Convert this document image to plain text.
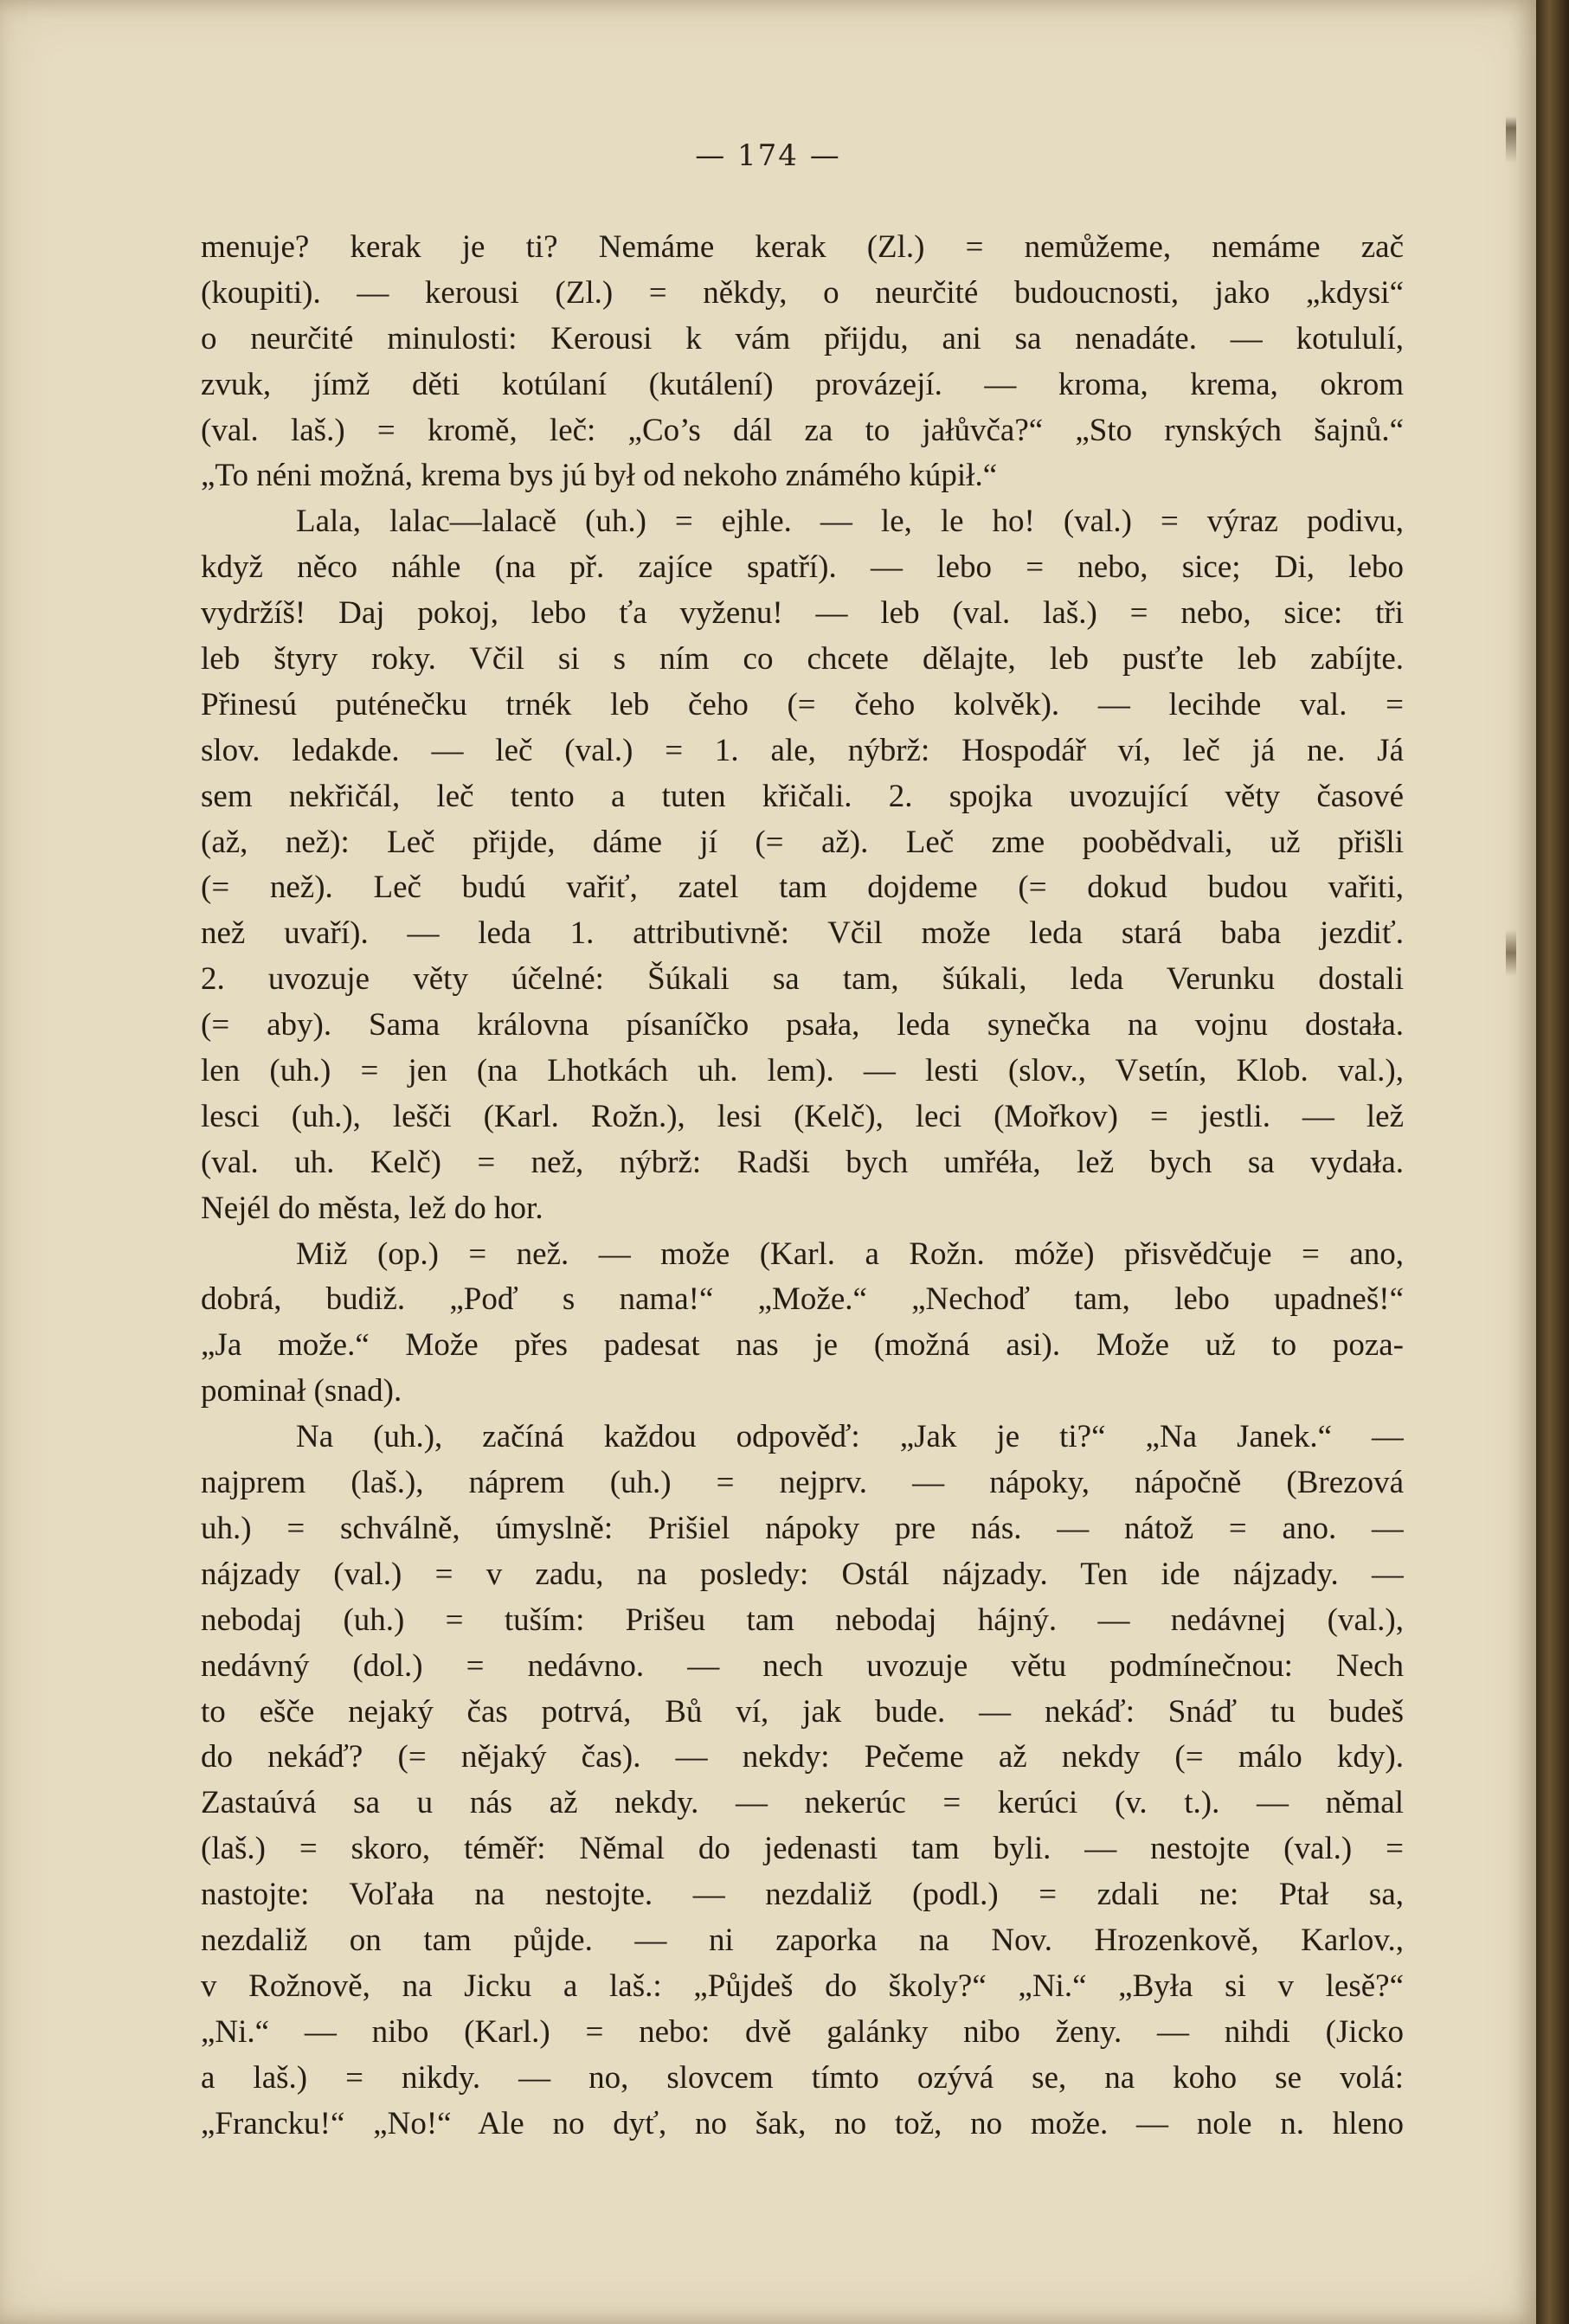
— 174 —
menuje? kerak je ti? Nemáme kerak (Zl.) = nemůžeme, nemáme zač
(koupiti). — kerousi (Zl.) = někdy, o neurčité budoucnosti, jako „kdysi“
o neurčité minulosti: Kerousi k vám přijdu, ani sa nenadáte. — kotululí,
zvuk, jímž děti kotúlaní (kutálení) provázejí. — kroma, krema, okrom
(val. laš.) = kromě, leč: „Co’s dál za to jałůvča?“ „Sto rynských šajnů.“
„To néni možná, krema bys jú był od nekoho známého kúpił.“
Lala, lalac—lalacě (uh.) = ejhle. — le, le ho! (val.) = výraz podivu,
když něco náhle (na př. zajíce spatří). — lebo = nebo, sice; Di, lebo
vydržíš! Daj pokoj, lebo ťa vyženu! — leb (val. laš.) = nebo, sice: tři
leb štyry roky. Včil si s ním co chcete dělajte, leb pusťte leb zabíjte.
Přinesú puténečku trnék leb čeho (= čeho kolvěk). — lecihde val. =
slov. ledakde. — leč (val.) = 1. ale, nýbrž: Hospodář ví, leč já ne. Já
sem nekřičál, leč tento a tuten křičali. 2. spojka uvozující věty časové
(až, než): Leč přijde, dáme jí (= až). Leč zme poobědvali, už přišli
(= než). Leč budú vařiť, zatel tam dojdeme (= dokud budou vařiti,
než uvaří). — leda 1. attributivně: Včil može leda stará baba jezdiť.
2. uvozuje věty účelné: Šúkali sa tam, šúkali, leda Verunku dostali
(= aby). Sama královna písaníčko psała, leda synečka na vojnu dostała.
len (uh.) = jen (na Lhotkách uh. lem). — lesti (slov., Vsetín, Klob. val.),
lesci (uh.), lešči (Karl. Rožn.), lesi (Kelč), leci (Mořkov) = jestli. — lež
(val. uh. Kelč) = než, nýbrž: Radši bych umřéła, lež bych sa vydała.
Nejél do města, lež do hor.
Miž (op.) = než. — može (Karl. a Rožn. móže) přisvědčuje = ano,
dobrá, budiž. „Poď s nama!“ „Može.“ „Nechoď tam, lebo upadneš!“
„Ja može.“ Može přes padesat nas je (možná asi). Može už to poza-
pominał (snad).
Na (uh.), začíná každou odpověď: „Jak je ti?“ „Na Janek.“ —
najprem (laš.), náprem (uh.) = nejprv. — nápoky, nápočně (Brezová
uh.) = schválně, úmyslně: Prišiel nápoky pre nás. — nátož = ano. —
nájzady (val.) = v zadu, na posledy: Ostál nájzady. Ten ide nájzady. —
nebodaj (uh.) = tuším: Prišeu tam nebodaj hájný. — nedávnej (val.),
nedávný (dol.) = nedávno. — nech uvozuje větu podmínečnou: Nech
to ešče nejaký čas potrvá, Bů ví, jak bude. — nekáď: Snáď tu budeš
do nekáď? (= nějaký čas). — nekdy: Pečeme až nekdy (= málo kdy).
Zastaúvá sa u nás až nekdy. — nekerúc = kerúci (v. t.). — němal
(laš.) = skoro, téměř: Němal do jedenasti tam byli. — nestojte (val.) =
nastojte: Voľała na nestojte. — nezdaliž (podl.) = zdali ne: Ptał sa,
nezdaliž on tam půjde. — ni zaporka na Nov. Hrozenkově, Karlov.,
v Rožnově, na Jicku a laš.: „Půjdeš do školy?“ „Ni.“ „Była si v lesě?“
„Ni.“ — nibo (Karl.) = nebo: dvě galánky nibo ženy. — nihdi (Jicko
a laš.) = nikdy. — no, slovcem tímto ozývá se, na koho se volá:
„Francku!“ „No!“ Ale no dyť, no šak, no tož, no može. — nole n. hleno
